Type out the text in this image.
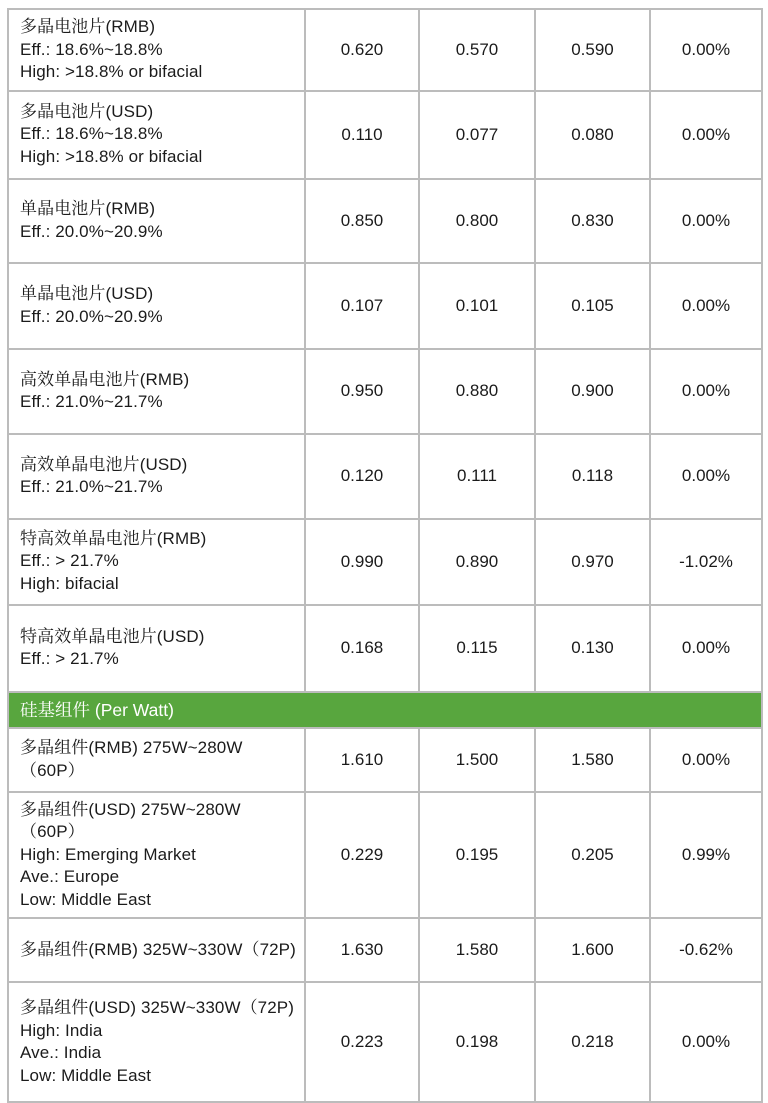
多晶电池片(RMB)
Eff.: 18.6%~18.8%
High: >18.8% or bifacial	0.620	0.570	0.590	0.00%

多晶电池片(USD)
Eff.: 18.6%~18.8%
High: >18.8% or bifacial	0.110	0.077	0.080	0.00%

单晶电池片(RMB)
Eff.: 20.0%~20.9%	0.850	0.800	0.830	0.00%

单晶电池片(USD)
Eff.: 20.0%~20.9%	0.107	0.101	0.105	0.00%

高效单晶电池片(RMB)
Eff.: 21.0%~21.7%	0.950	0.880	0.900	0.00%

高效单晶电池片(USD)
Eff.: 21.0%~21.7%	0.120	0.111	0.118	0.00%

特高效单晶电池片(RMB)
Eff.: > 21.7%
High: bifacial	0.990	0.890	0.970	-1.02%

特高效单晶电池片(USD)
Eff.: > 21.7%	0.168	0.115	0.130	0.00%
硅基组件 (Per Watt)				

多晶组件(RMB) 275W~280W
（60P）	1.610	1.500	1.580	0.00%

多晶组件(USD) 275W~280W
（60P）
High: Emerging Market
Ave.: Europe
Low: Middle East	0.229	0.195	0.205	0.99%

多晶组件(RMB) 325W~330W（72P)	1.630	1.580	1.600	-0.62%

多晶组件(USD) 325W~330W（72P)
High: India
Ave.: India
Low: Middle East	0.223	0.198	0.218	0.00%
